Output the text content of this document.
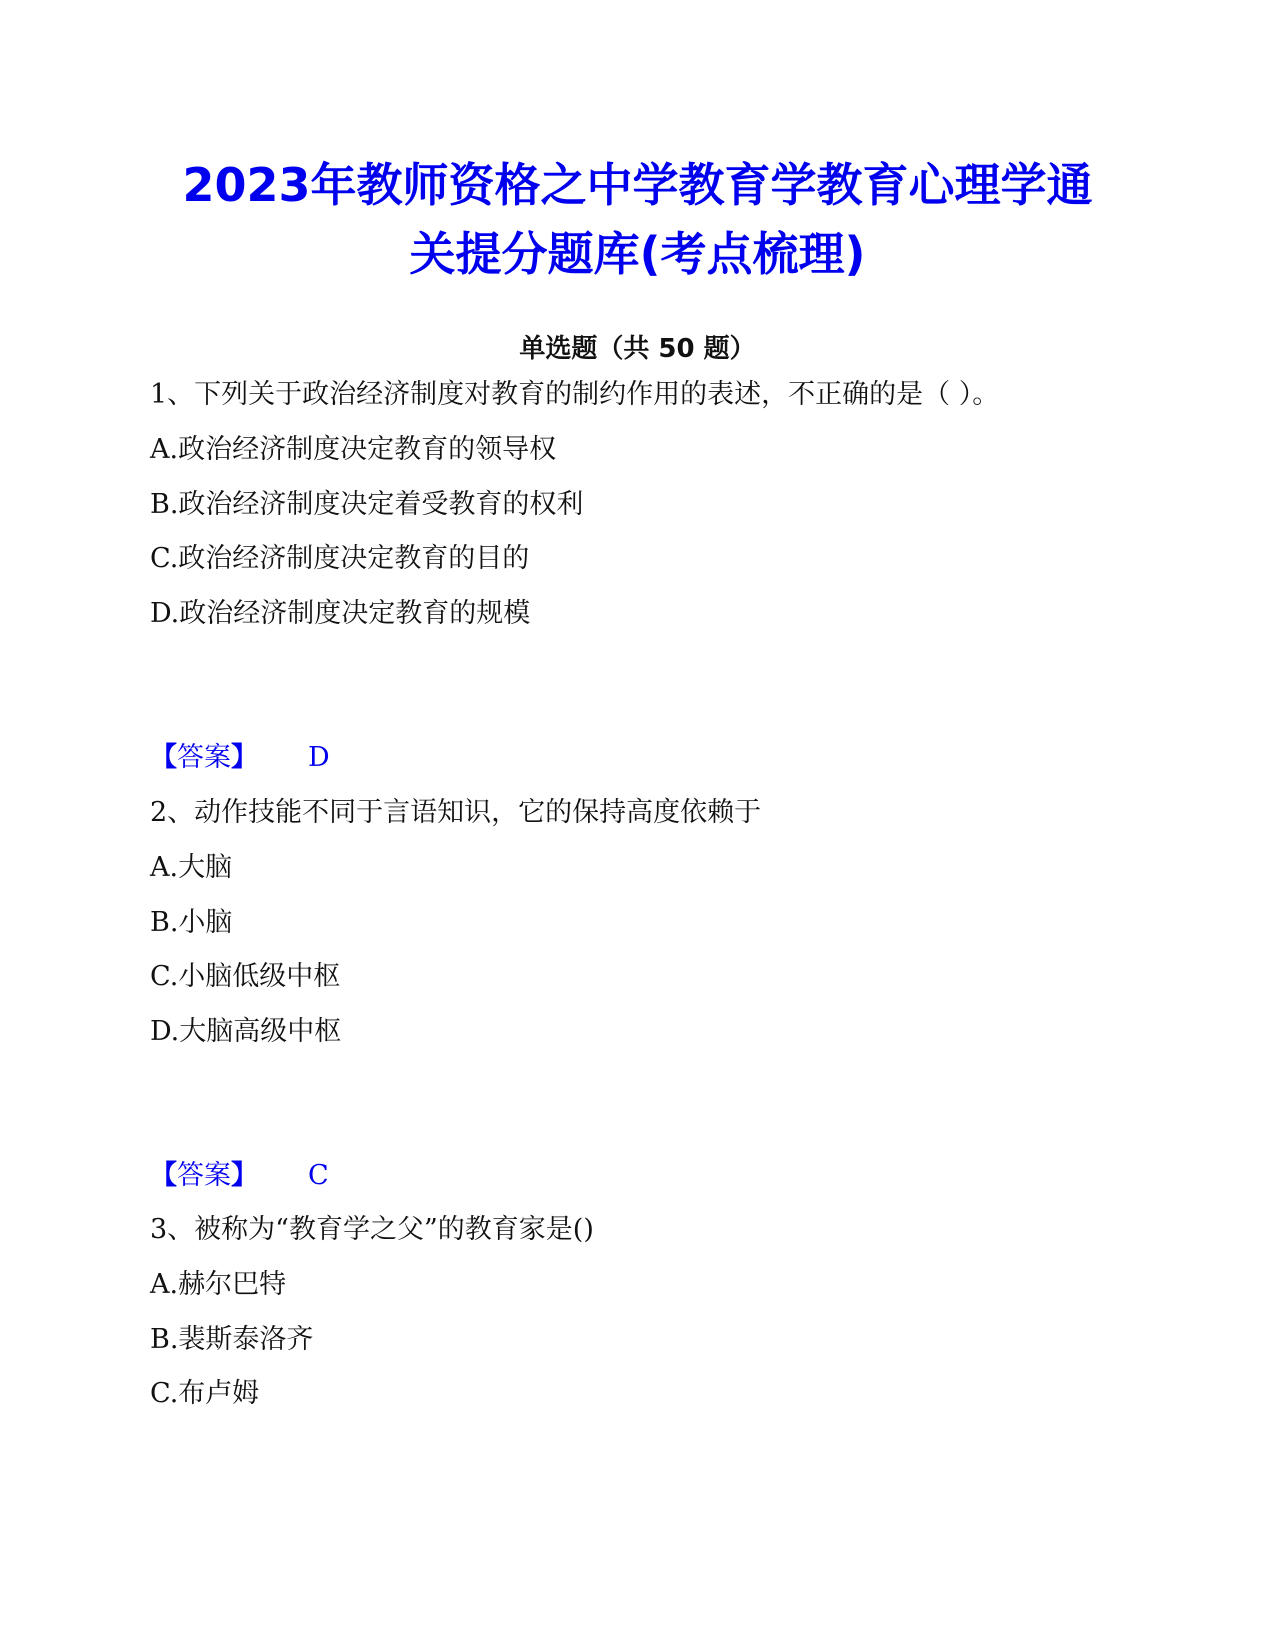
2023年教师资格之中学教育学教育心理学通
关提分题库(考点梳理)
单选题（共 50 题）
1、下列关于政治经济制度对教育的制约作用的表述，不正确的是（ ）。
A.政治经济制度决定教育的领导权
B.政治经济制度决定着受教育的权利
C.政治经济制度决定教育的目的
D.政治经济制度决定教育的规模
【答案】 D
2、动作技能不同于言语知识，它的保持高度依赖于
A.大脑
B.小脑
C.小脑低级中枢
D.大脑高级中枢
【答案】 C
3、被称为“教育学之父”的教育家是()
A.赫尔巴特
B.裴斯泰洛齐
C.布卢姆
